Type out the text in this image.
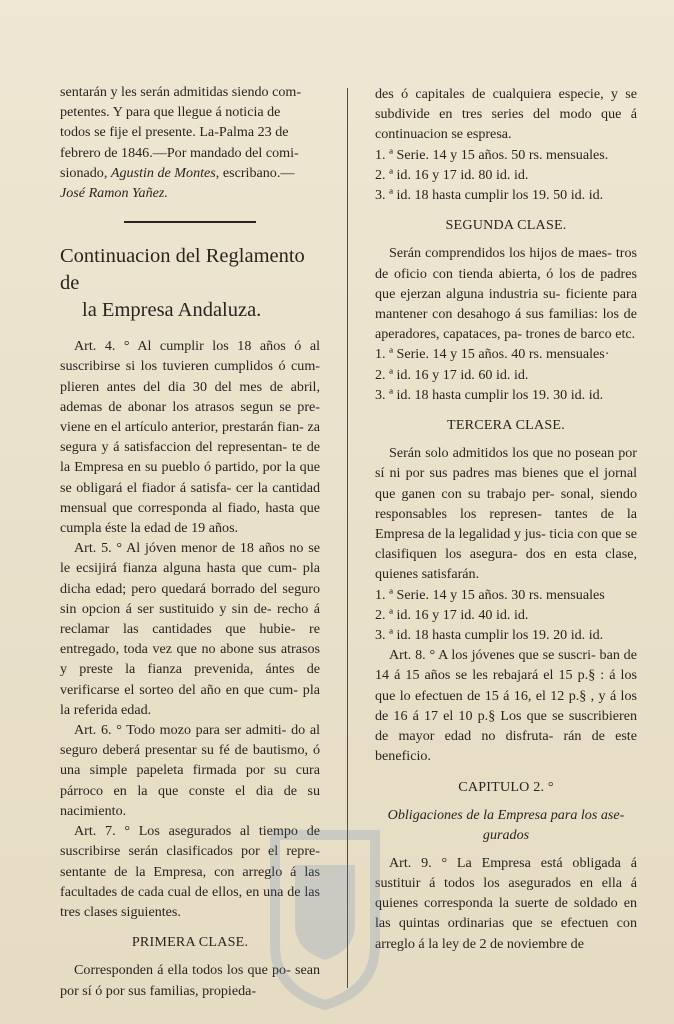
sentarán y les serán admitidas siendo com-
petentes. Y para que llegue á noticia de
todos se fije el presente. La-Palma 23 de
febrero de 1846.—Por mandado del comi-
sionado, Agustin de Montes, escribano.—
José Ramon Yañez.

Continuacion del Reglamento de
la Empresa Andaluza.

Art. 4. ° Al cumplir los 18 años ó al suscribirse si los tuvieren cumplidos ó cum- plieren antes del dia 30 del mes de abril, ademas de abonar los atrasos segun se pre- viene en el artículo anterior, prestarán fian- za segura y á satisfaccion del representan- te de la Empresa en su pueblo ó partido, por la que se obligará el fiador á satisfa- cer la cantidad mensual que corresponda al fiado, hasta que cumpla éste la edad de 19 años.

Art. 5. ° Al jóven menor de 18 años no se le ecsijirá fianza alguna hasta que cum- pla dicha edad; pero quedará borrado del seguro sin opcion á ser sustituido y sin de- recho á reclamar las cantidades que hubie- re entregado, toda vez que no abone sus atrasos y preste la fianza prevenida, ántes de verificarse el sorteo del año en que cum- pla la referida edad.

Art. 6. ° Todo mozo para ser admiti- do al seguro deberá presentar su fé de bautismo, ó una simple papeleta firmada por su cura párroco en la que conste el dia de su nacimiento.

Art. 7. ° Los asegurados al tiempo de suscribirse serán clasificados por el repre- sentante de la Empresa, con arreglo á las facultades de cada cual de ellos, en una de las tres clases siguientes.

PRIMERA CLASE.

Corresponden á ella todos los que po- sean por sí ó por sus familias, propieda-

des ó capitales de cualquiera especie, y se subdivide en tres series del modo que á continuacion se espresa.

1. ª Serie. 14 y 15 años. 50 rs. mensuales.
2. ª id. 16 y 17 id. 80 id. id.
3. ª id. 18 hasta cumplir los 19. 50 id. id.

SEGUNDA CLASE.

Serán comprendidos los hijos de maes- tros de oficio con tienda abierta, ó los de padres que ejerzan alguna industria su- ficiente para mantener con desahogo á sus familias: los de aperadores, capataces, pa- trones de barco etc.

1. ª Serie. 14 y 15 años. 40 rs. mensuales·
2. ª id. 16 y 17 id. 60 id. id.
3. ª id. 18 hasta cumplir los 19. 30 id. id.

TERCERA CLASE.

Serán solo admitidos los que no posean por sí ni por sus padres mas bienes que el jornal que ganen con su trabajo per- sonal, siendo responsables los represen- tantes de la Empresa de la legalidad y jus- ticia con que se clasifiquen los asegura- dos en esta clase, quienes satisfarán.

1. ª Serie. 14 y 15 años. 30 rs. mensuales
2. ª id. 16 y 17 id. 40 id. id.
3. ª id. 18 hasta cumplir los 19. 20 id. id.

Art. 8. ° A los jóvenes que se suscri- ban de 14 á 15 años se les rebajará el 15 p.§ : á los que lo efectuen de 15 á 16, el 12 p.§ , y á los de 16 á 17 el 10 p.§ Los que se suscribieren de mayor edad no disfruta- rán de este beneficio.

CAPITULO 2. °

Obligaciones de la Empresa para los ase-
gurados

Art. 9. ° La Empresa está obligada á sustituir á todos los asegurados en ella á quienes corresponda la suerte de soldado en las quintas ordinarias que se efectuen con arreglo á la ley de 2 de noviembre de
